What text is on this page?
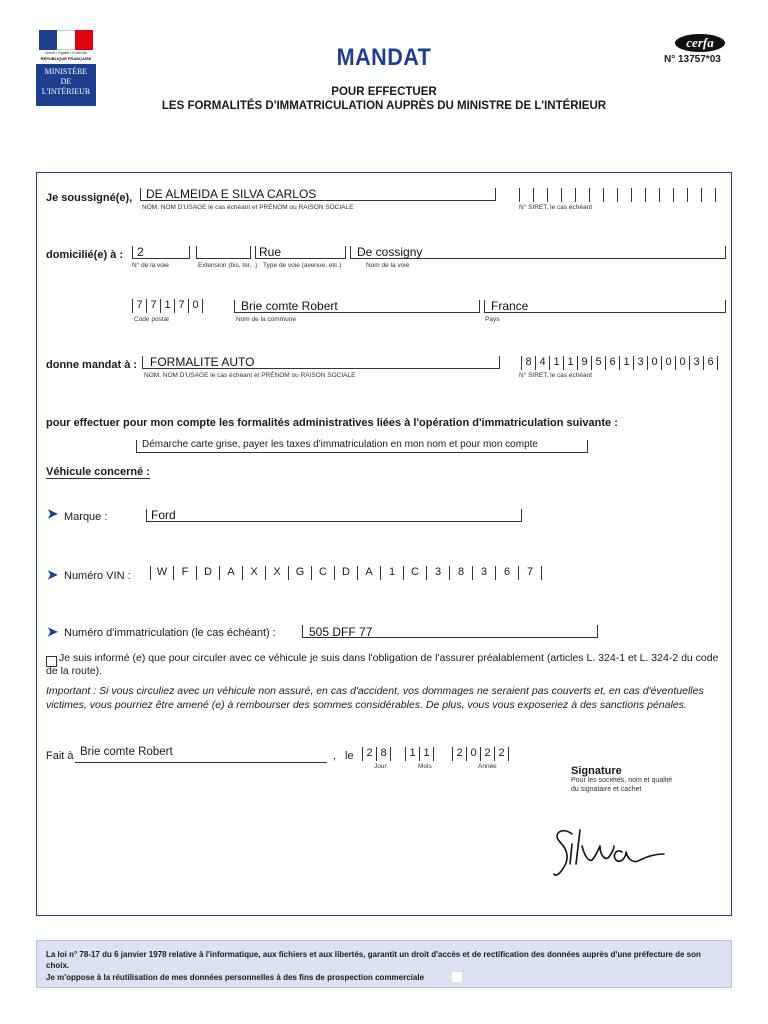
Liberté • Égalité • Fraternité
RÉPUBLIQUE FRANÇAISE
MINISTÈRE
DE
L'INTÉRIEUR
MANDAT
POUR EFFECTUER
LES FORMALITÉS D'IMMATRICULATION AUPRÈS DU MINISTRE DE L'INTÉRIEUR
cerfa
N° 13757*03
Je soussigné(e), DE ALMEIDA E SILVA CARLOS
NOM, NOM D'USAGE le cas échéant et PRÉNOM ou RAISON SOCIALE	N° SIRET, le cas échéant
domicilié(e) à : 2
N° de la voie	Extension (bis, ter, .)
Rue
Type de voie (avenue, etc.)
De cossigny
Nom de la voie
7 7 1 7 0
Code postal
Brie comte Robert
Nom de la commune
France
Pays
donne mandat à : FORMALITE AUTO
NOM, NOM D'USAGE le cas échéant et PRÉNOM ou RAISON SOCIALE
8 4 1 1 9 5 6 1 3 0 0 0 3 6
N° SIRET, le cas échéant
pour effectuer pour mon compte les formalités administratives liées à l'opération d'immatriculation suivante :
Démarche carte grise, payer les taxes d'immatriculation en mon nom et pour mon compte
Véhicule concerné :
➤ Marque :	Ford
➤ Numéro VIN :	W	F	D	A	X	X	G	C	D	A	1	C	3	8	3	6	7
➤ Numéro d'immatriculation (le cas échéant) :	505 DFF 77
Je suis informé (e) que pour circuler avec ce véhicule je suis dans l'obligation de l'assurer préalablement (articles L. 324-1 et L. 324-2 du code de la route).
Important : Si vous circuliez avec un véhicule non assuré, en cas d'accident, vos dommages ne seraient pas couverts et, en cas d'éventuelles victimes, vous pourriez être amené (e) à rembourser des sommes considérables. De plus, vous vous exposeriez à des sanctions pénales.
Fait à Brie comte Robert	, le	2 8
Jour
1 1
Mois
2 0 2 2
Année	Signature
Pour les sociétés, nom et qualité
du signataire et cachet
La loi n° 78-17 du 6 janvier 1978 relative à l'informatique, aux fichiers et aux libertés, garantit un droit d'accès et de rectification des données auprès d'une préfecture de son choix.
Je m'oppose à la réutilisation de mes données personnelles à des fins de prospection commerciale
